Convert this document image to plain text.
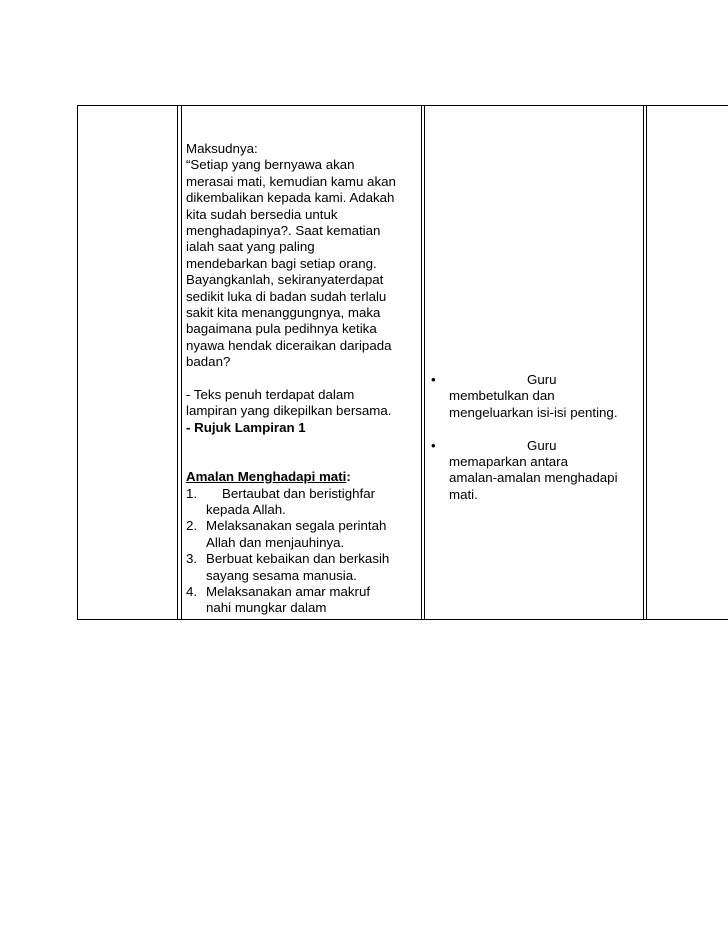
Maksudnya:

“Setiap yang bernyawa akan

merasai mati, kemudian kamu akan

dikembalikan kepada kami. Adakah

kita sudah bersedia untuk

menghadapinya?. Saat kematian

ialah saat yang paling

mendebarkan bagi setiap orang.

Bayangkanlah, sekiranyaterdapat

sedikit luka di badan sudah terlalu

sakit kita menanggungnya, maka

bagaimana pula pedihnya ketika

nyawa hendak diceraikan daripada

badan?

- Teks penuh terdapat dalam

lampiran yang dikepilkan bersama.

- Rujuk Lampiran 1

Amalan Menghadapi mati:

1. Bertaubat dan beristighfar
kepada Allah.
2. Melaksanakan segala perintah
Allah dan menjauhinya.
3. Berbuat kebaikan dan berkasih
sayang sesama manusia.
4. Melaksanakan amar makruf
nahi mungkar dalam
•	Guru
membetulkan dan
mengeluarkan isi-isi penting.
•	Guru
memaparkan antara
amalan-amalan menghadapi
mati.
